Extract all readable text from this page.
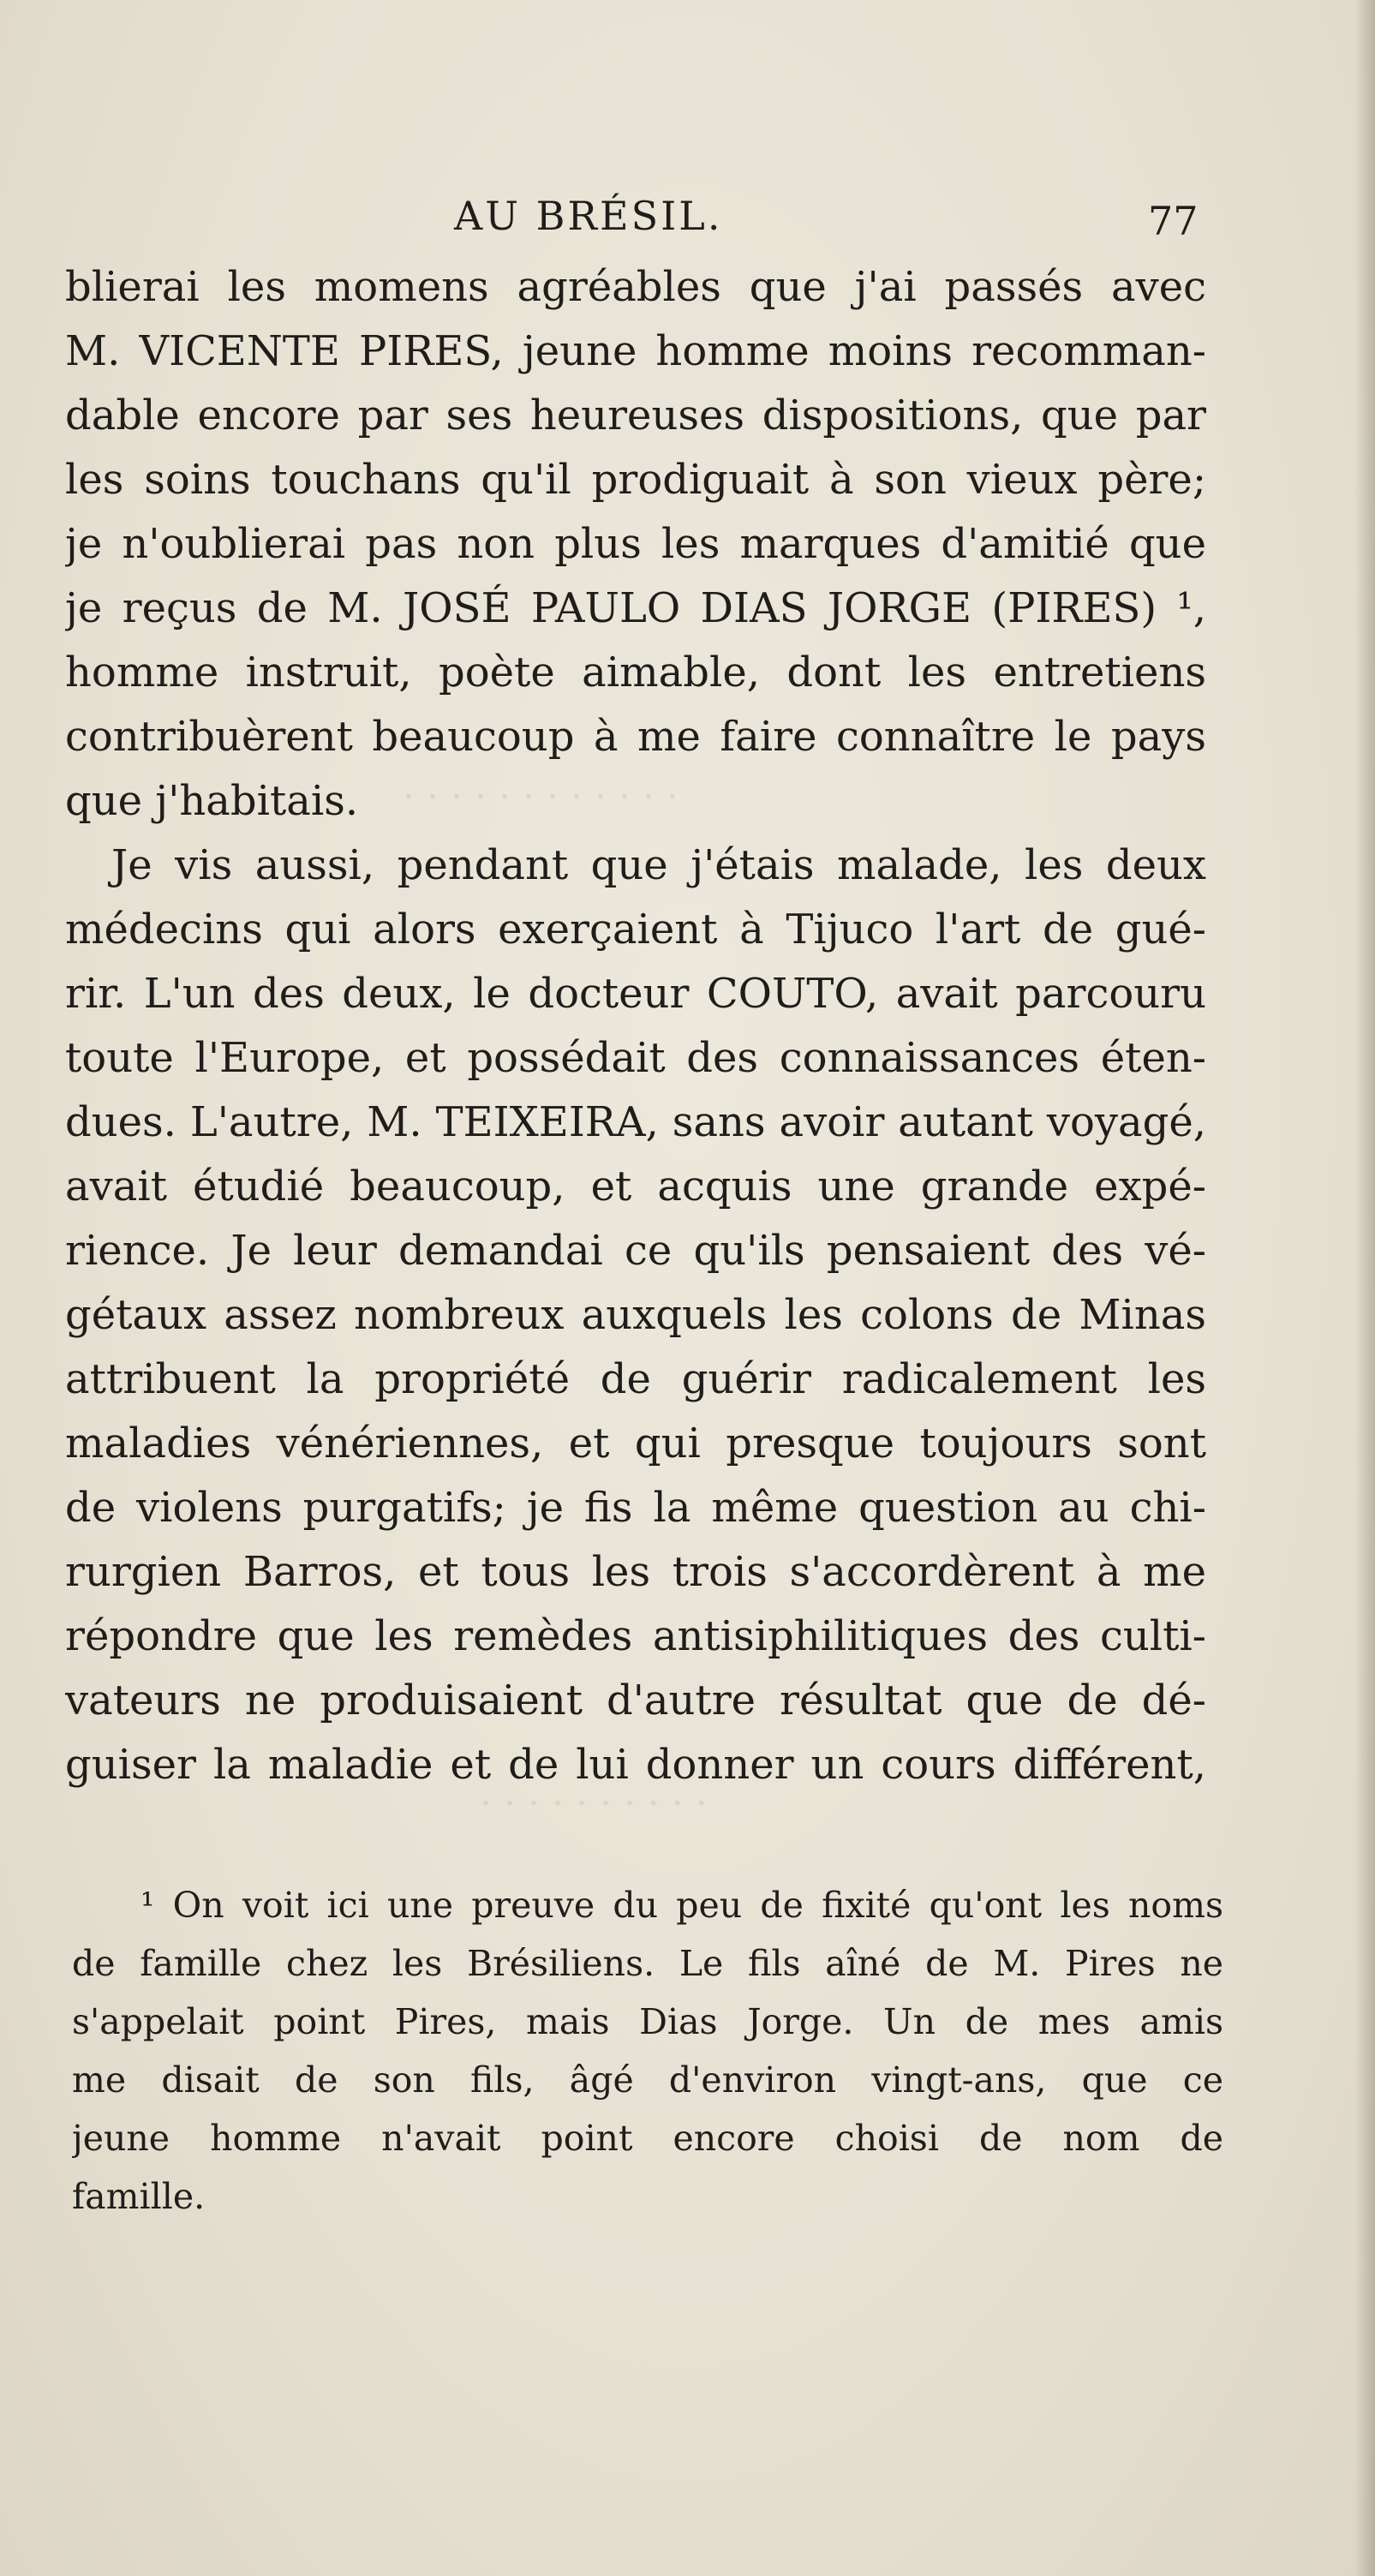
· · · · · · · · · · · ·
· · · · · · · · · ·
AU BRÉSIL.	77
blierai les momens agréables que j'ai passés avec
M. VICENTE PIRES, jeune homme moins recomman-
dable encore par ses heureuses dispositions, que par
les soins touchans qu'il prodiguait à son vieux père;
je n'oublierai pas non plus les marques d'amitié que
je reçus de M. JOSÉ PAULO DIAS JORGE (PIRES) ¹,
homme instruit, poète aimable, dont les entretiens
contribuèrent beaucoup à me faire connaître le pays
que j'habitais.
Je vis aussi, pendant que j'étais malade, les deux
médecins qui alors exerçaient à Tijuco l'art de gué-
rir. L'un des deux, le docteur COUTO, avait parcouru
toute l'Europe, et possédait des connaissances éten-
dues. L'autre, M. TEIXEIRA, sans avoir autant voyagé,
avait étudié beaucoup, et acquis une grande expé-
rience. Je leur demandai ce qu'ils pensaient des vé-
gétaux assez nombreux auxquels les colons de Minas
attribuent la propriété de guérir radicalement les
maladies vénériennes, et qui presque toujours sont
de violens purgatifs; je fis la même question au chi-
rurgien Barros, et tous les trois s'accordèrent à me
répondre que les remèdes antisiphilitiques des culti-
vateurs ne produisaient d'autre résultat que de dé-
guiser la maladie et de lui donner un cours différent,
¹ On voit ici une preuve du peu de fixité qu'ont les noms
de famille chez les Brésiliens. Le fils aîné de M. Pires ne
s'appelait point Pires, mais Dias Jorge. Un de mes amis
me disait de son fils, âgé d'environ vingt-ans, que ce
jeune homme n'avait point encore choisi de nom de
famille.
